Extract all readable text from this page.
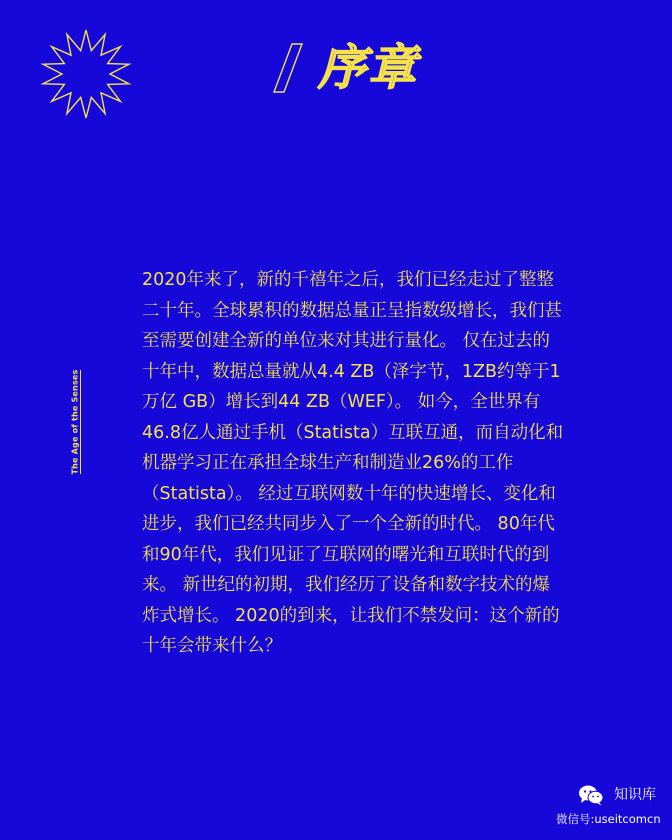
序章
The Age of the Senses
2020年来了，新的千禧年之后，我们已经走过了整整
二十年。全球累积的数据总量正呈指数级增长，我们甚
至需要创建全新的单位来对其进行量化。 仅在过去的
十年中，数据总量就从4.4 ZB（泽字节，1ZB约等于1
万亿 GB）增长到44 ZB（WEF）。 如今，全世界有
46.8亿人通过手机（Statista）互联互通，而自动化和
机器学习正在承担全球生产和制造业26%的工作
（Statista）。 经过互联网数十年的快速增长、变化和
进步，我们已经共同步入了一个全新的时代。 80年代
和90年代，我们见证了互联网的曙光和互联时代的到
来。 新世纪的初期，我们经历了设备和数字技术的爆
炸式增长。 2020的到来，让我们不禁发问：这个新的
十年会带来什么？
知识库
微信号:useitcomcn
